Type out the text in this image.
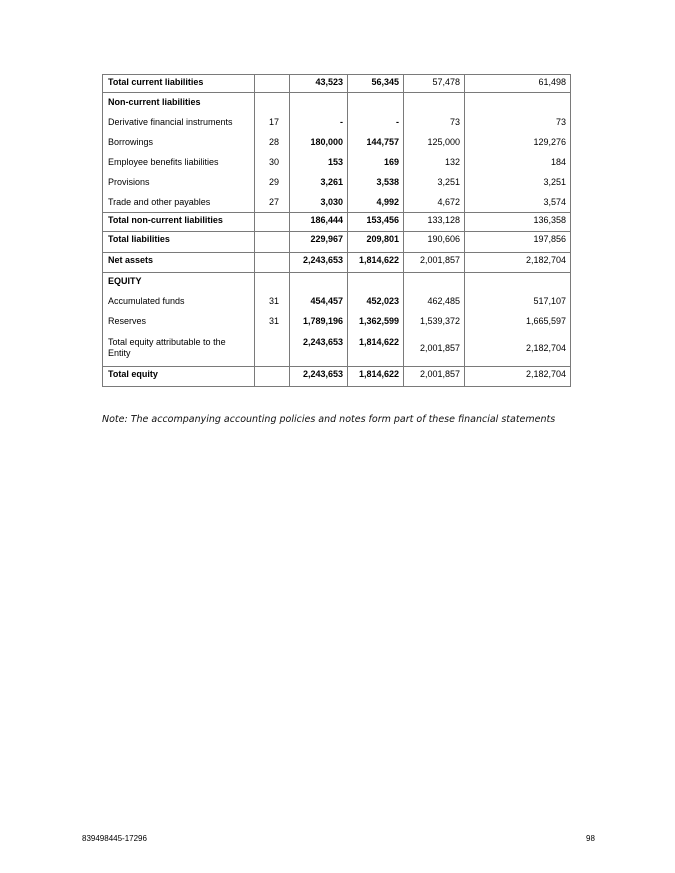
Total current liabilities		43,523	56,345	57,478	61,498
Non-current liabilities					
Derivative financial instruments	17	-	-	73	73
Borrowings	28	180,000	144,757	125,000	129,276
Employee benefits liabilities	30	153	169	132	184
Provisions	29	3,261	3,538	3,251	3,251
Trade and other payables	27	3,030	4,992	4,672	3,574
Total non-current liabilities		186,444	153,456	133,128	136,358
Total liabilities		229,967	209,801	190,606	197,856
Net assets		2,243,653	1,814,622	2,001,857	2,182,704
EQUITY					
Accumulated funds	31	454,457	452,023	462,485	517,107
Reserves	31	1,789,196	1,362,599	1,539,372	1,665,597
Total equity attributable to the Entity		2,243,653	1,814,622	2,001,857	2,182,704
Total equity		2,243,653	1,814,622	2,001,857	2,182,704
Note: The accompanying accounting policies and notes form part of these financial statements
839498445-17296	98
